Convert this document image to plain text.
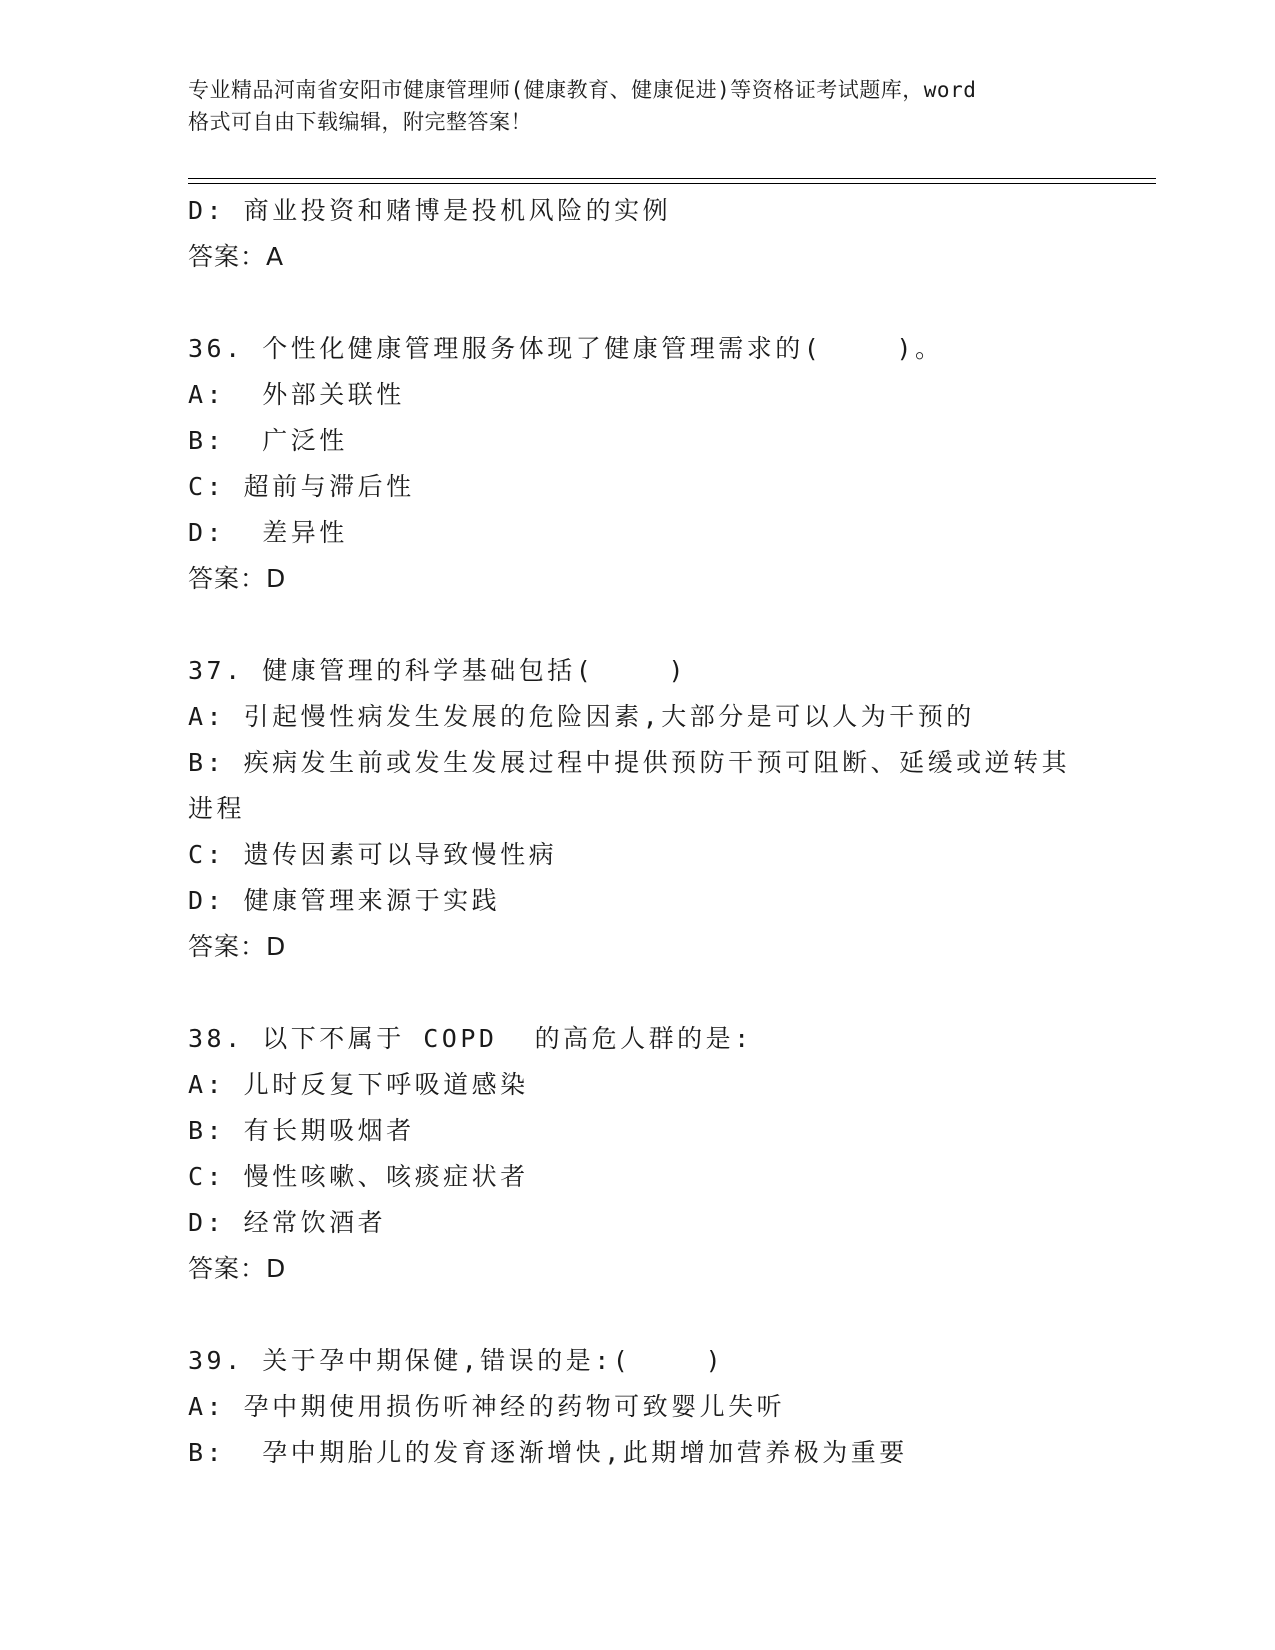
专业精品河南省安阳市健康管理师(健康教育、健康促进)等资格证考试题库，word
格式可自由下载编辑，附完整答案！
D: 商业投资和赌博是投机风险的实例
答案：A
36. 个性化健康管理服务体现了健康管理需求的(    )。
A:  外部关联性
B:  广泛性
C: 超前与滞后性
D:  差异性
答案：D
37. 健康管理的科学基础包括(    )
A: 引起慢性病发生发展的危险因素,大部分是可以人为干预的
B: 疾病发生前或发生发展过程中提供预防干预可阻断、延缓或逆转其进程
C: 遗传因素可以导致慢性病
D: 健康管理来源于实践
答案：D
38. 以下不属于 COPD  的高危人群的是:
A: 儿时反复下呼吸道感染
B: 有长期吸烟者
C: 慢性咳嗽、咳痰症状者
D: 经常饮酒者
答案：D
39. 关于孕中期保健,错误的是:(    )
A: 孕中期使用损伤听神经的药物可致婴儿失听
B:  孕中期胎儿的发育逐渐增快,此期增加营养极为重要
